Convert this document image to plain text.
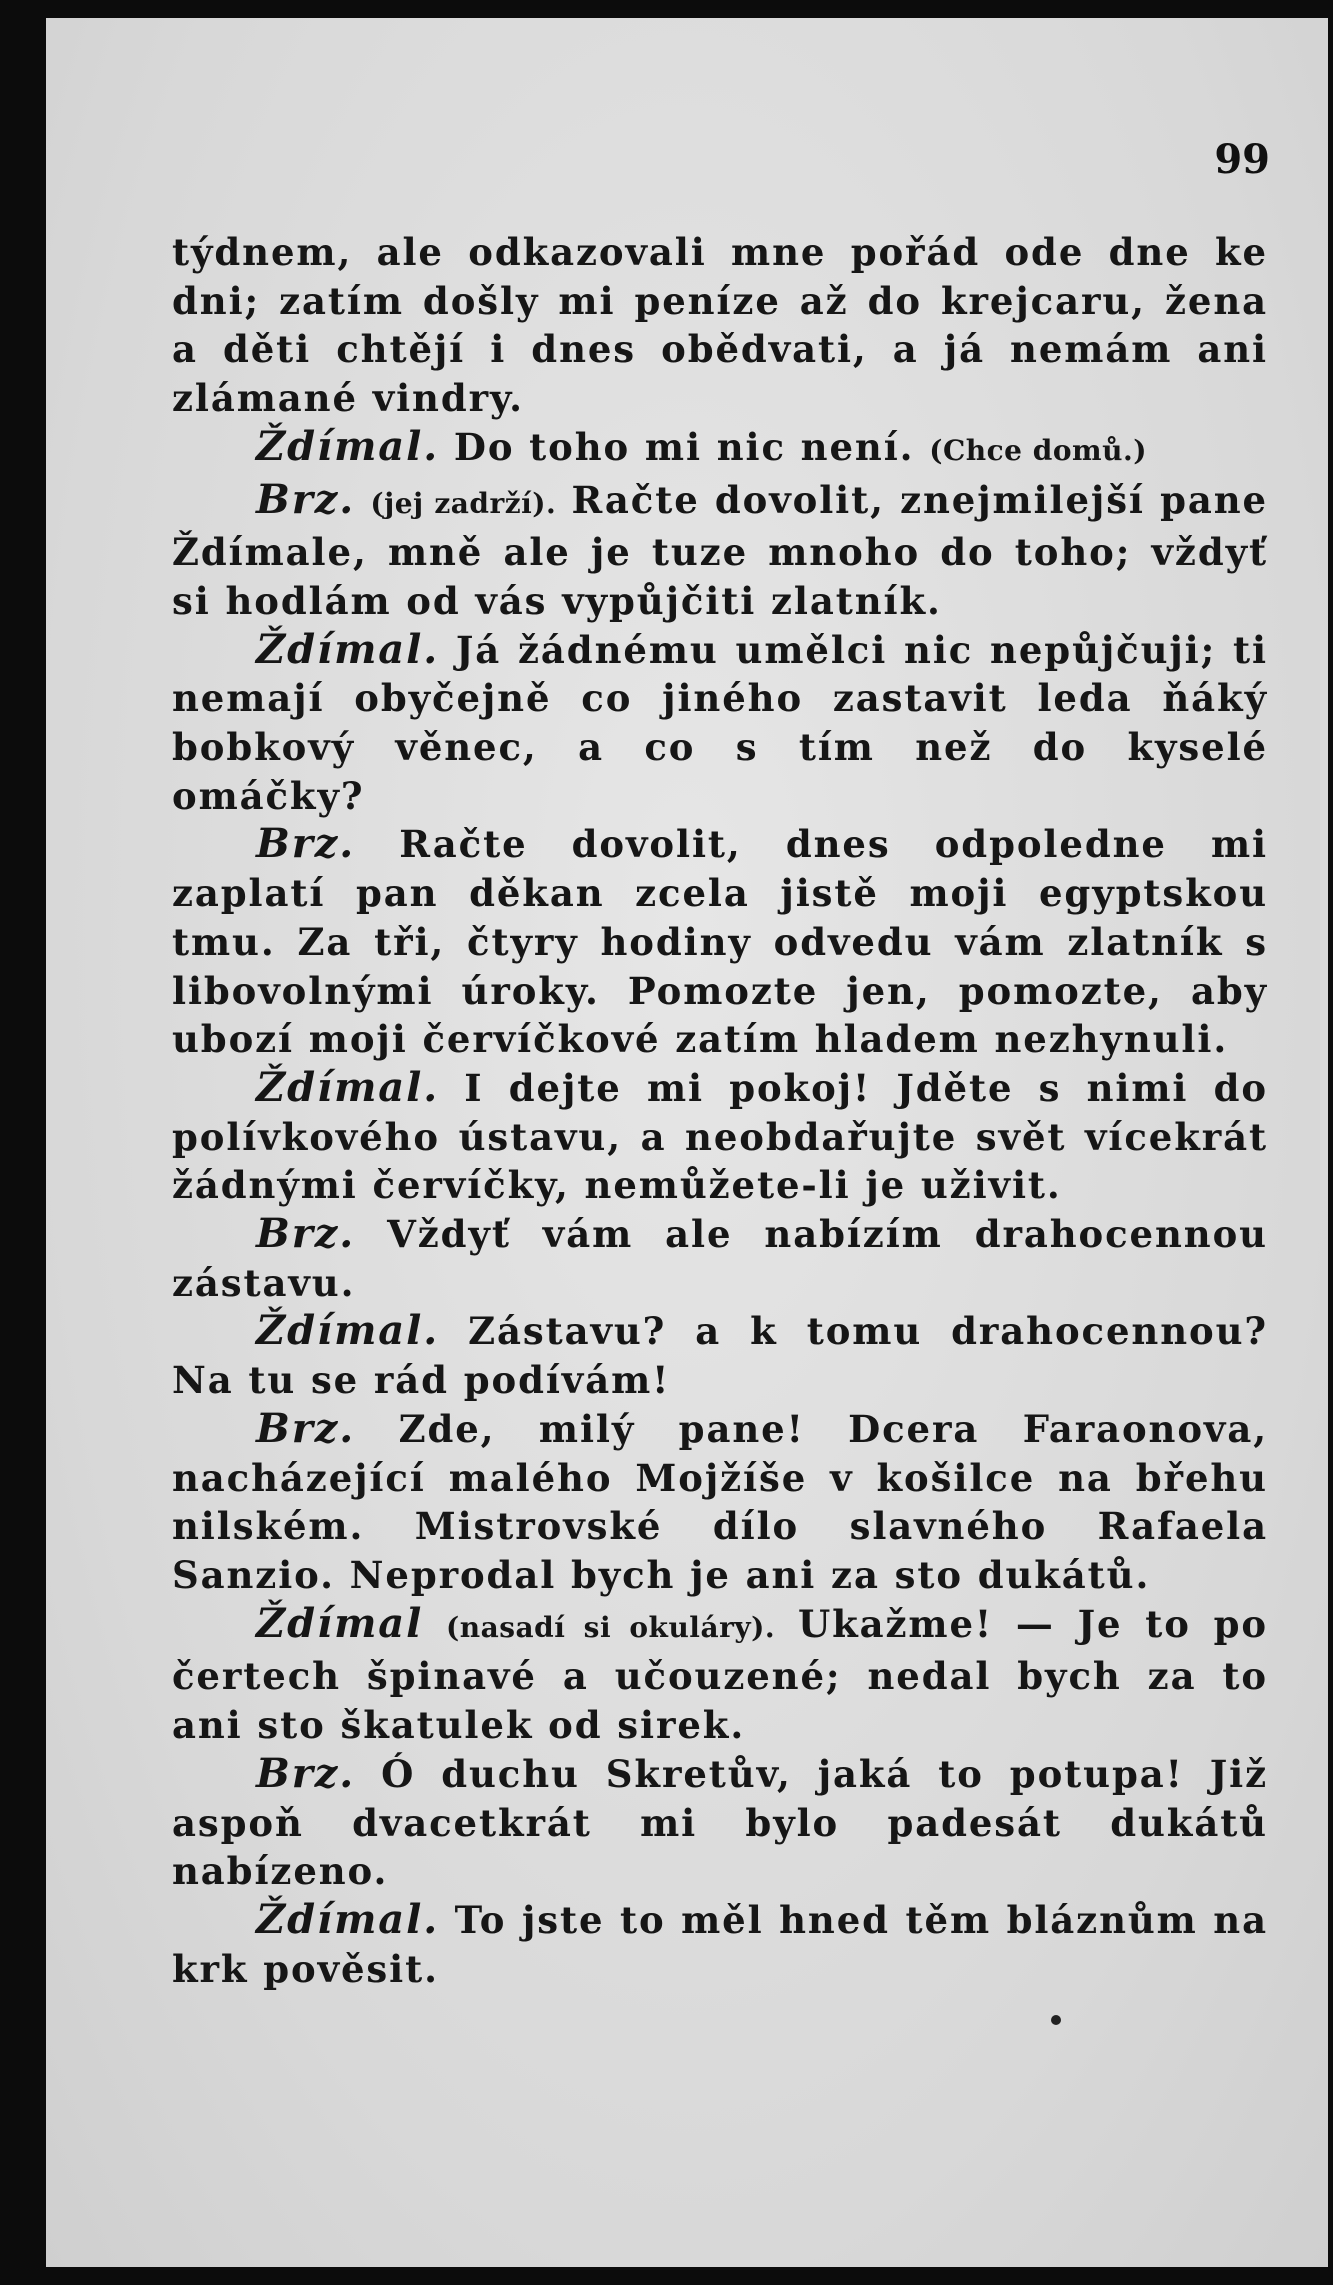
99

týdnem, ale odkazovali mne pořád ode dne ke dni; zatím došly mi peníze až do krejcaru, žena a děti chtějí i dnes obědvati, a já nemám ani zlámané vindry.

Ždímal. Do toho mi nic není. (Chce domů.)

Brz. (jej zadrží). Račte dovolit, znejmilejší pane Ždímale, mně ale je tuze mnoho do toho; vždyť si hodlám od vás vypůjčiti zlatník.

Ždímal. Já žádnému umělci nic nepůjčuji; ti nemají obyčejně co jiného zastavit leda ňáký bobkový věnec, a co s tím než do kyselé omáčky?

Brz. Račte dovolit, dnes odpoledne mi zaplatí pan děkan zcela jistě moji egyptskou tmu. Za tři, čtyry hodiny odvedu vám zlatník s libovolnými úroky. Pomozte jen, pomozte, aby ubozí moji červíčkové zatím hladem nezhynuli.

Ždímal. I dejte mi pokoj! Jděte s nimi do polívkového ústavu, a neobdařujte svět vícekrát žádnými červíčky, nemůžete-li je uživit.

Brz. Vždyť vám ale nabízím drahocennou zástavu.

Ždímal. Zástavu? a k tomu drahocennou? Na tu se rád podívám!

Brz. Zde, milý pane! Dcera Faraonova, nacházející malého Mojžíše v košilce na břehu nilském. Mistrovské dílo slavného Rafaela Sanzio. Neprodal bych je ani za sto dukátů.

Ždímal (nasadí si okuláry). Ukažme! — Je to po čertech špinavé a učouzené; nedal bych za to ani sto škatulek od sirek.

Brz. Ó duchu Skretův, jaká to potupa! Již aspoň dvacetkrát mi bylo padesát dukátů nabízeno.

Ždímal. To jste to měl hned těm bláznům na krk pověsit.
